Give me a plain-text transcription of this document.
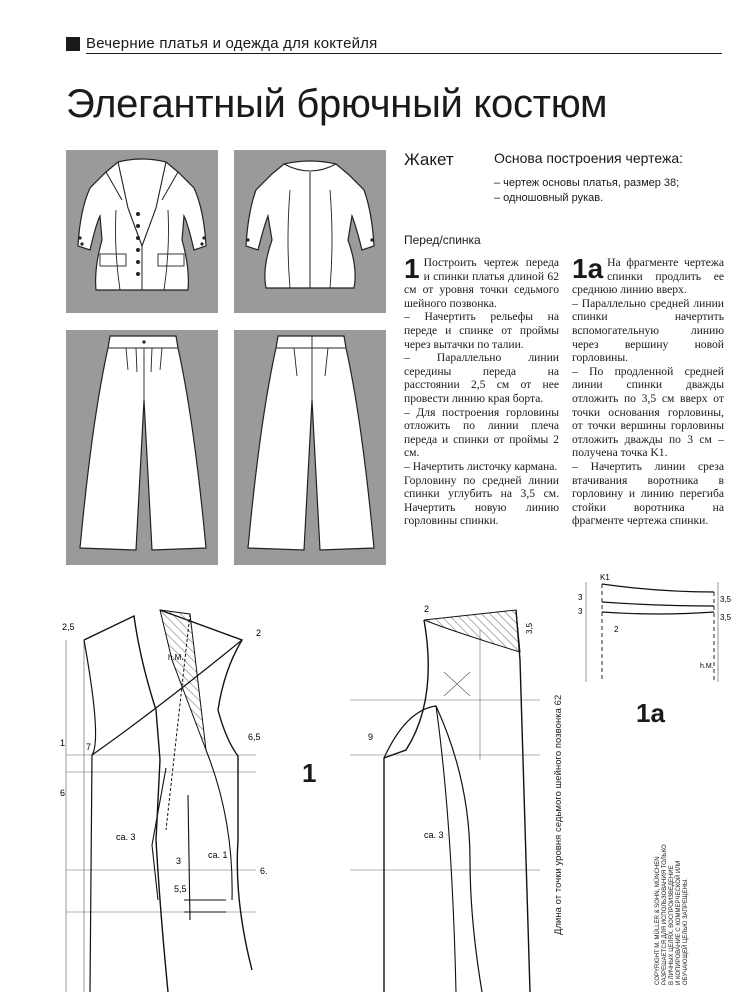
Вечерние платья и одежда для коктейля
Элегантный брючный костюм
Жакет	Основа построения чертежа:
– чертеж основы платья, размер 38;
– одношовный рукав.
Перед/спинка

1 Построить чертеж переда и спинки платья длиной 62 см от уровня точки седьмого шейного позвонка.

– Начертить рельефы на переде и спинке от проймы через вытачки по талии.

– Параллельно линии середины переда на расстоянии 2,5 см от нее провести линию края борта.

– Для построения горловины отложить по линии плеча переда и спинки от проймы 2 см.

– Начертить листочку кармана.

Горловину по средней линии спинки углубить на 3,5 см. Начертить новую линию горловины спинки.

1a На фрагменте чертежа спинки продлить ее среднюю линию вверх.

– Параллельно средней линии спинки начертить вспомогательную линию через вершину новой горловины.

– По продленной средней линии спинки дважды отложить по 3,5 см вверх от точки основания горловины, от точки вершины горловины отложить дважды по 3 см – получена точка K1.

– Начертить линии среза втачивания воротника в горловину и линию перегиба стойки воротника на фрагменте чертежа спинки.

2,5
2
h.M.
7
1
6
6,5
ca. 3
ca. 1
3
5,5
6.
1
2
3,5
9
ca. 3	Длина от точки уровня седьмого шейного позвонка 62
K1
3
3
3,5
3,5
2
h.M.
1a
COPYRIGHT M. MÜLLER & SOHN, MÜNCHEN РАЗРЕШАЕТСЯ ДЛЯ ИСПОЛЬЗОВАНИЯ ТОЛЬКО В ЛИЧНЫХ ЦЕЛЯХ. ВОСПРОИЗВЕДЕНИЕ И КОПИРОВАНИЕ С КОММЕРЧЕСКОЙ ИЛИ ОБУЧАЮЩЕЙ ЦЕЛЬЮ ЗАПРЕЩЕНЫ.
